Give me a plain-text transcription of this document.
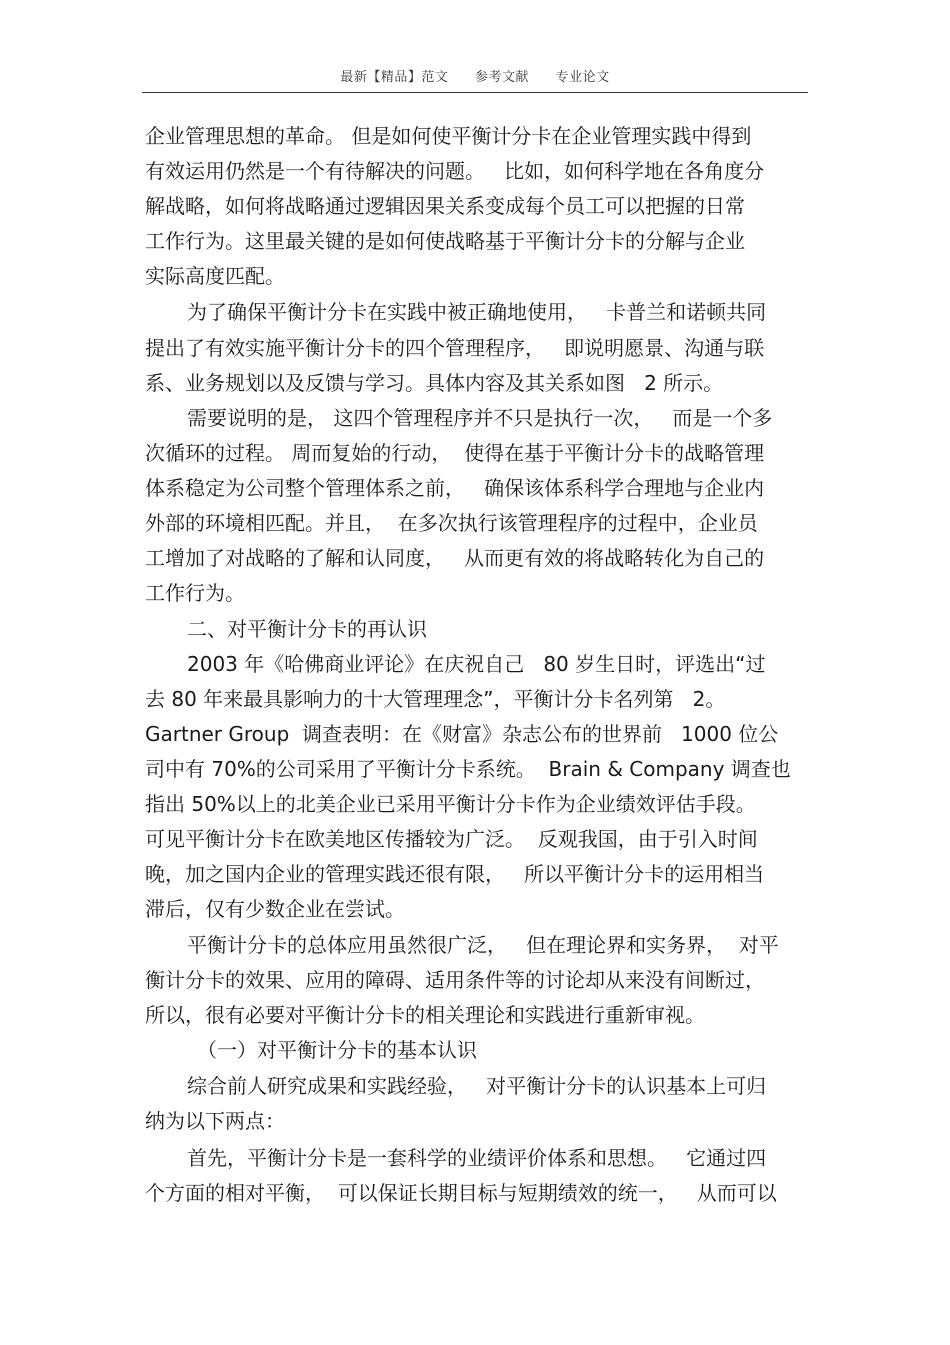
最新【精品】范文 参考文献 专业论文
企业管理思想的革命。 但是如何使平衡计分卡在企业管理实践中得到
有效运用仍然是一个有待解决的问题。   比如，如何科学地在各角度分
解战略，如何将战略通过逻辑因果关系变成每个员工可以把握的日常
工作行为。这里最关键的是如何使战略基于平衡计分卡的分解与企业
实际高度匹配。
为了确保平衡计分卡在实践中被正确地使用，   卡普兰和诺顿共同
提出了有效实施平衡计分卡的四个管理程序，   即说明愿景、沟通与联
系、业务规划以及反馈与学习。具体内容及其关系如图   2 所示。
需要说明的是， 这四个管理程序并不只是执行一次，   而是一个多
次循环的过程。 周而复始的行动，  使得在基于平衡计分卡的战略管理
体系稳定为公司整个管理体系之前，   确保该体系科学合理地与企业内
外部的环境相匹配。并且，  在多次执行该管理程序的过程中，企业员
工增加了对战略的了解和认同度，   从而更有效的将战略转化为自己的
工作行为。
二、对平衡计分卡的再认识
2003 年《哈佛商业评论》在庆祝自己   80 岁生日时，评选出“过
去 80 年来最具影响力的十大管理理念”，平衡计分卡名列第   2。
Gartner Group  调查表明：在《财富》杂志公布的世界前   1000 位公
司中有 70%的公司采用了平衡计分卡系统。  Brain & Company 调查也
指出 50%以上的北美企业已采用平衡计分卡作为企业绩效评估手段。
可见平衡计分卡在欧美地区传播较为广泛。  反观我国，由于引入时间
晚，加之国内企业的管理实践还很有限，   所以平衡计分卡的运用相当
滞后，仅有少数企业在尝试。
平衡计分卡的总体应用虽然很广泛，   但在理论界和实务界，  对平
衡计分卡的效果、应用的障碍、适用条件等的讨论却从来没有间断过，
所以，很有必要对平衡计分卡的相关理论和实践进行重新审视。
（一）对平衡计分卡的基本认识
综合前人研究成果和实践经验，   对平衡计分卡的认识基本上可归
纳为以下两点：
首先，平衡计分卡是一套科学的业绩评价体系和思想。   它通过四
个方面的相对平衡，  可以保证长期目标与短期绩效的统一，   从而可以
